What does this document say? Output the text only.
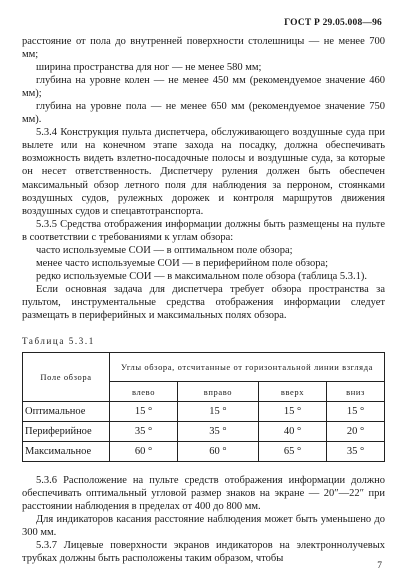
ГОСТ Р 29.05.008—96

расстояние от пола до внутренней поверхности столешницы — не менее 700 мм;

ширина пространства для ног — не менее 580 мм;

глубина на уровне колен — не менее 450 мм (рекомендуемое значение 460 мм);

глубина на уровне пола — не менее 650 мм (рекомендуемое значение 750 мм).

5.3.4 Конструкция пульта диспетчера, обслуживающего воздушные суда при вылете или на конечном этапе захода на посадку, должна обеспечивать возможность видеть взлетно-посадочные полосы и воздушные суда, за которые он несет ответственность. Диспетчеру руления должен быть обеспечен максимальный обзор летного поля для наблюдения за перроном, стоянками воздушных судов, рулежных дорожек и контроля маршрутов движения воздушных судов и спецавтотранспорта.

5.3.5 Средства отображения информации должны быть размещены на пульте в соответствии с требованиями к углам обзора:

часто используемые СОИ — в оптимальном поле обзора;

менее часто используемые СОИ — в периферийном поле обзора;

редко используемые СОИ — в максимальном поле обзора (таблица 5.3.1).

Если основная задача для диспетчера требует обзора пространства за пультом, инструментальные средства отображения информации следует размещать в периферийных и максимальных полях обзора.

Таблица 5.3.1
Поле обзора	Углы обзора, отсчитанные от горизонтальной линии взгляда			
	влево	вправо	вверх	вниз
Оптимальное	15 °	15 °	15 °	15 °
Периферийное	35 °	35 °	40 °	20 °
Максимальное	60 °	60 °	65 °	35 °

5.3.6 Расположение на пульте средств отображения информации должно обеспечивать оптимальный угловой размер знаков на экране — 20″—22″ при расстоянии наблюдения в пределах от 400 до 800 мм.

Для индикаторов касания расстояние наблюдения может быть уменьшено до 300 мм.

5.3.7 Лицевые поверхности экранов индикаторов на электроннолучевых трубках должны быть расположены таким образом, чтобы

7
